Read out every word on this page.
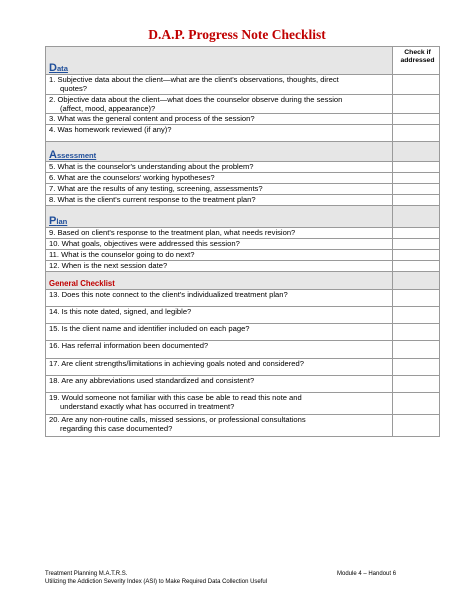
D.A.P. Progress Note Checklist
Data	Check if addressed

1. Subjective data about the client—what are the client's observations, thoughts, direct
quotes?	

2. Objective data about the client—what does the counselor observe during the session
(affect, mood, appearance)?	

3. What was the general content and process of the session?	

4. Was homework reviewed (if any)?	

Assessment	

5. What is the counselor's understanding about the problem?	

6. What are the counselors' working hypotheses?	

7. What are the results of any testing, screening, assessments?	

8. What is the client's current response to the treatment plan?	

Plan	

9. Based on client's response to the treatment plan, what needs revision?	

10. What goals, objectives were addressed this session?	

11. What is the counselor going to do next?	

12. When is the next session date?	

General Checklist	

13. Does this note connect to the client's individualized treatment plan?	

14. Is this note dated, signed, and legible?	

15. Is the client name and identifier included on each page?	

16. Has referral information been documented?	

17. Are client strengths/limitations in achieving goals noted and considered?	

18. Are any abbreviations used standardized and consistent?	

19. Would someone not familiar with this case be able to read this note and
understand exactly what has occurred in treatment?	

20. Are any non-routine calls, missed sessions, or professional consultations
regarding this case documented?	

Treatment Planning M.A.T.R.S.
Utilizing the Addiction Severity Index (ASI) to Make Required Data Collection Useful
Module 4 – Handout 6
